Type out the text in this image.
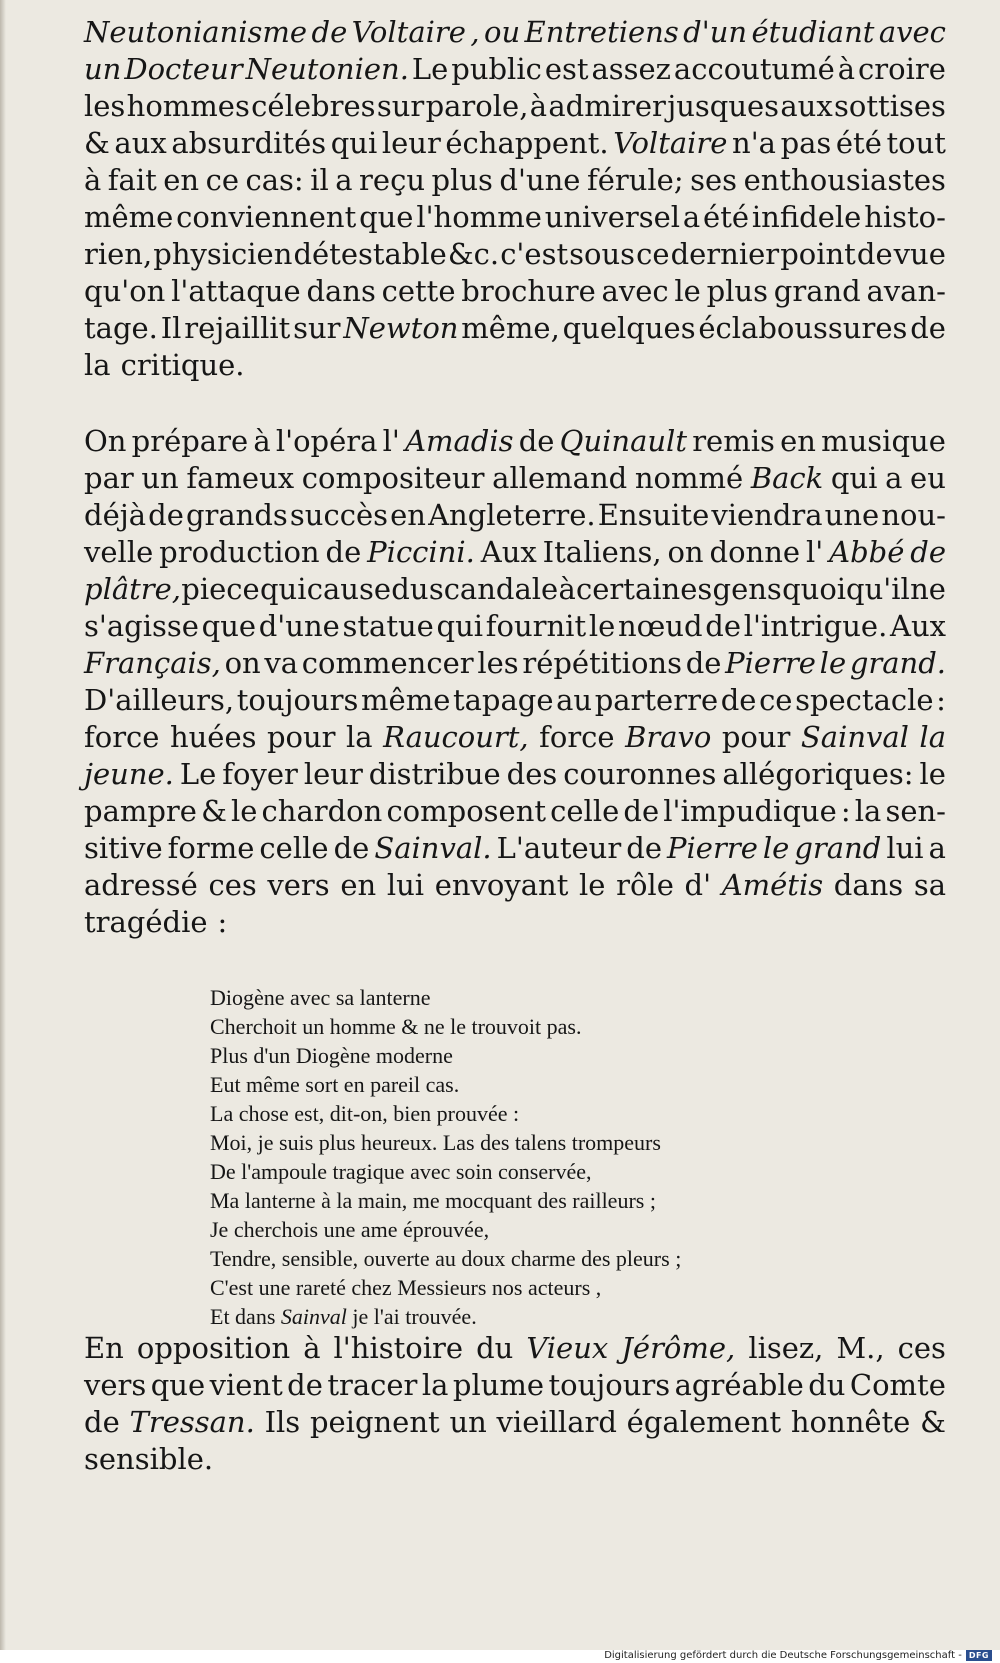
Neutonianisme de Voltaire , ou Entretiens d'un étudiant avec
un Docteur Neutonien. Le public est assez accoutumé à croire
les hommes célebres sur parole, à admirer jusques aux sottises
& aux absurdités qui leur échappent. Voltaire n'a pas été tout
à fait en ce cas: il a reçu plus d'une férule; ses enthousiastes
même conviennent que l'homme universel a été infidele histo-
rien, physicien détestable &c. c'est sous ce dernier point de vue
qu'on l'attaque dans cette brochure avec le plus grand avan-
tage. Il rejaillit sur Newton même, quelques éclaboussures de
la critique.
On prépare à l'opéra l' Amadis de Quinault remis en musique
par un fameux compositeur allemand nommé Back qui a eu
déjà de grands succès en Angleterre. Ensuite viendra une nou-
velle production de Piccini. Aux Italiens, on donne l' Abbé de
plâtre, piece qui cause du scandale à certaines gens quoiqu'il ne
s'agisse que d'une statue qui fournit le nœud de l'intrigue. Aux
Français, on va commencer les répétitions de Pierre le grand.
D'ailleurs, toujours même tapage au parterre de ce spectacle :
force huées pour la Raucourt, force Bravo pour Sainval la
jeune. Le foyer leur distribue des couronnes allégoriques: le
pampre & le chardon composent celle de l'impudique : la sen-
sitive forme celle de Sainval. L'auteur de Pierre le grand lui a
adressé ces vers en lui envoyant le rôle d' Amétis dans sa
tragédie :
Diogène avec sa lanterne
Cherchoit un homme & ne le trouvoit pas.
Plus d'un Diogène moderne
Eut même sort en pareil cas.
La chose est, dit-on, bien prouvée :
Moi, je suis plus heureux. Las des talens trompeurs
De l'ampoule tragique avec soin conservée,
Ma lanterne à la main, me mocquant des railleurs ;
Je cherchois une ame éprouvée,
Tendre, sensible, ouverte au doux charme des pleurs ;
C'est une rareté chez Messieurs nos acteurs ,
Et dans Sainval je l'ai trouvée.
En opposition à l'histoire du Vieux Jérôme, lisez, M., ces
vers que vient de tracer la plume toujours agréable du Comte
de Tressan. Ils peignent un vieillard également honnête &
sensible.
Digitalisierung gefördert durch die Deutsche Forschungsgemeinschaft - DFG
